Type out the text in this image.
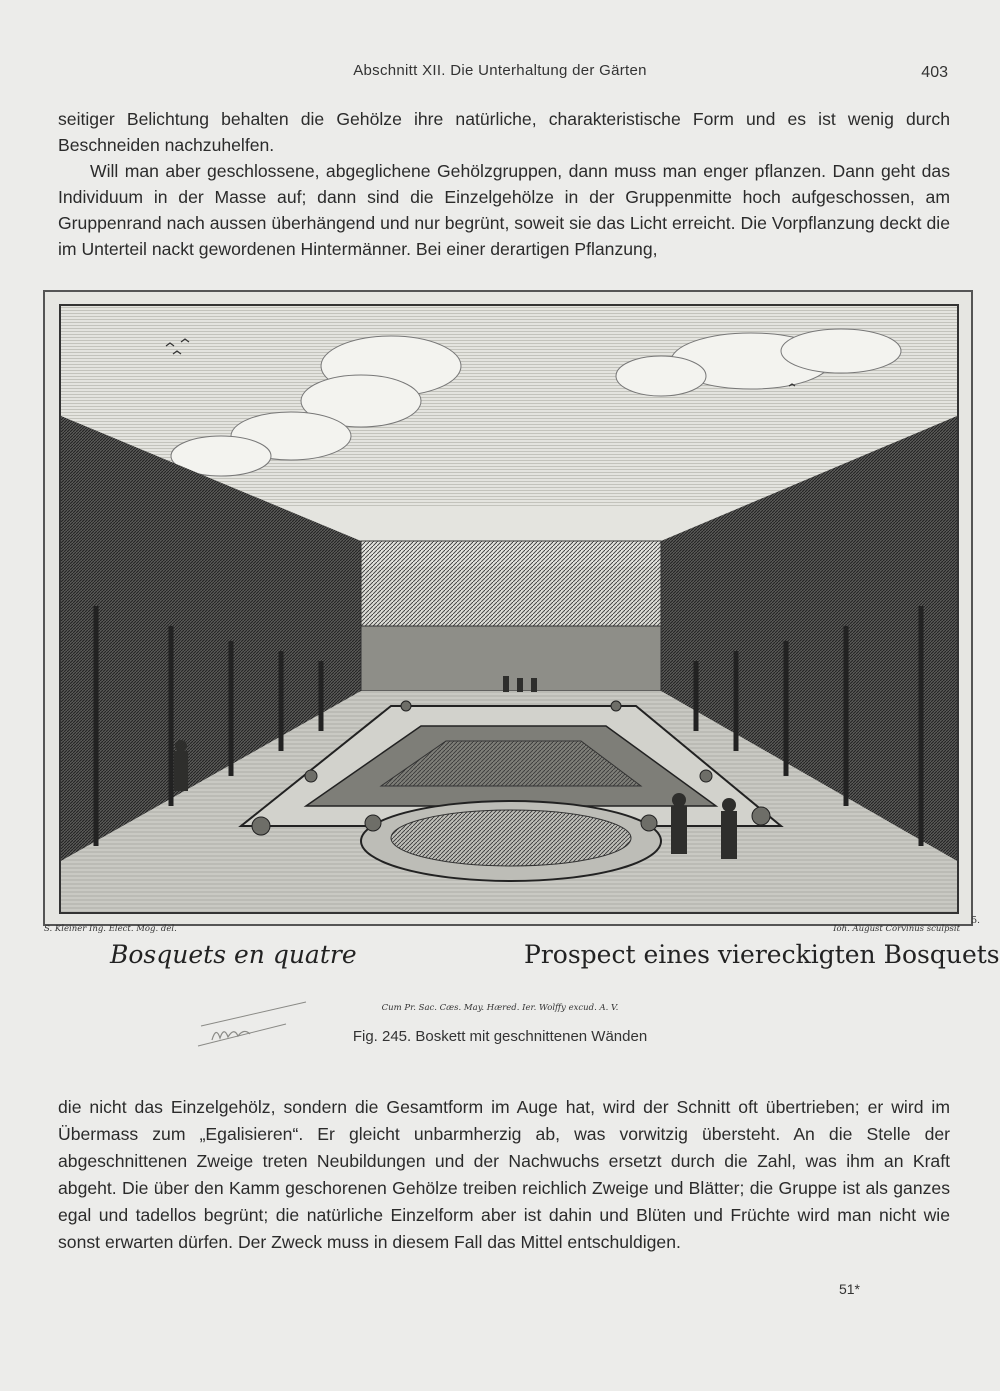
Abschnitt XII. Die Unterhaltung der Gärten	403

seitiger Belichtung behalten die Gehölze ihre natürliche, charakteristische Form und es ist wenig durch Beschneiden nachzuhelfen.

Will man aber geschlossene, abgeglichene Gehölzgruppen, dann muss man enger pflanzen. Dann geht das Individuum in der Masse auf; dann sind die Einzelgehölze in der Gruppenmitte hoch aufgeschossen, am Gruppenrand nach aussen überhängend und nur begrünt, soweit sie das Licht erreicht. Die Vorpflanzung deckt die im Unterteil nackt gewordenen Hintermänner. Bei einer derartigen Pflanzung,

S. Kleiner Ing. Elect. Mog. del.	Ioh. August Corvinus sculpsit
5.
Bosquets en quatre	Prospect eines viereckigten Bosquets
Cum Pr. Sac. Cæs. May. Hæred. Ier. Wolffy excud. A. V.
Fig. 245. Boskett mit geschnittenen Wänden

die nicht das Einzelgehölz, sondern die Gesamtform im Auge hat, wird der Schnitt oft übertrieben; er wird im Übermass zum „Egalisieren“. Er gleicht unbarmherzig ab, was vorwitzig übersteht. An die Stelle der abgeschnittenen Zweige treten Neubildungen und der Nachwuchs ersetzt durch die Zahl, was ihm an Kraft abgeht. Die über den Kamm geschorenen Gehölze treiben reichlich Zweige und Blätter; die Gruppe ist als ganzes egal und tadellos begrünt; die natürliche Einzelform aber ist dahin und Blüten und Früchte wird man nicht wie sonst erwarten dürfen. Der Zweck muss in diesem Fall das Mittel entschuldigen.

51*
